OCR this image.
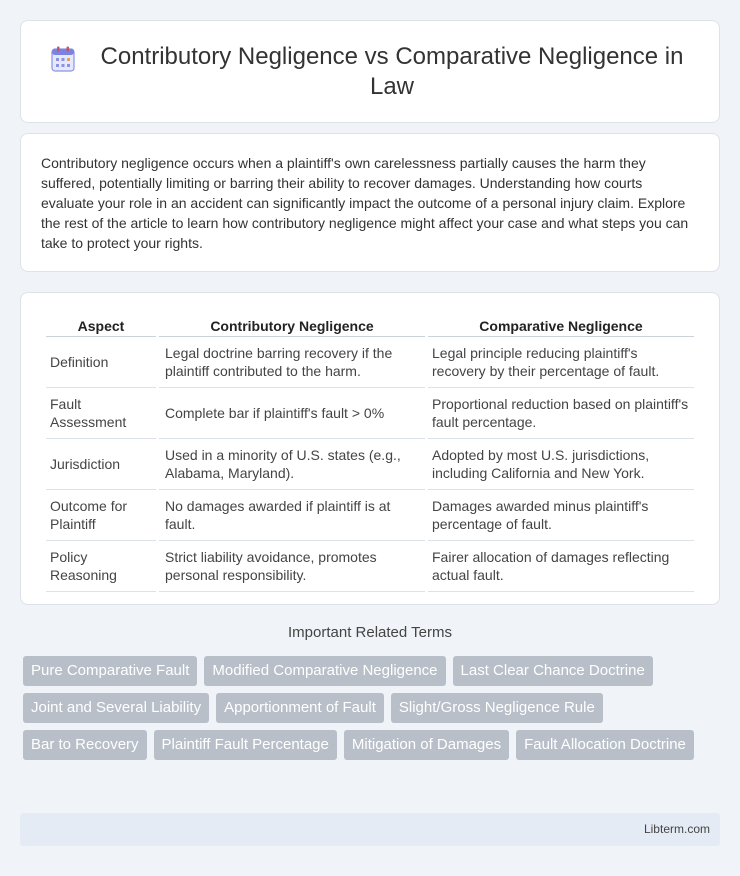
Contributory Negligence vs Comparative Negligence in Law

Contributory negligence occurs when a plaintiff's own carelessness partially causes the harm they suffered, potentially limiting or barring their ability to recover damages. Understanding how courts evaluate your role in an accident can significantly impact the outcome of a personal injury claim. Explore the rest of the article to learn how contributory negligence might affect your case and what steps you can take to protect your rights.

Aspect	Contributory Negligence	Comparative Negligence
Definition	Legal doctrine barring recovery if the plaintiff contributed to the harm.	Legal principle reducing plaintiff's recovery by their percentage of fault.
Fault Assessment	Complete bar if plaintiff's fault > 0%	Proportional reduction based on plaintiff's fault percentage.
Jurisdiction	Used in a minority of U.S. states (e.g., Alabama, Maryland).	Adopted by most U.S. jurisdictions, including California and New York.
Outcome for Plaintiff	No damages awarded if plaintiff is at fault.	Damages awarded minus plaintiff's percentage of fault.
Policy Reasoning	Strict liability avoidance, promotes personal responsibility.	Fairer allocation of damages reflecting actual fault.
Important Related Terms
Pure Comparative Fault	Modified Comparative Negligence	Last Clear Chance Doctrine
Joint and Several Liability	Apportionment of Fault	Slight/Gross Negligence Rule
Bar to Recovery	Plaintiff Fault Percentage	Mitigation of Damages	Fault Allocation Doctrine
Libterm.com
